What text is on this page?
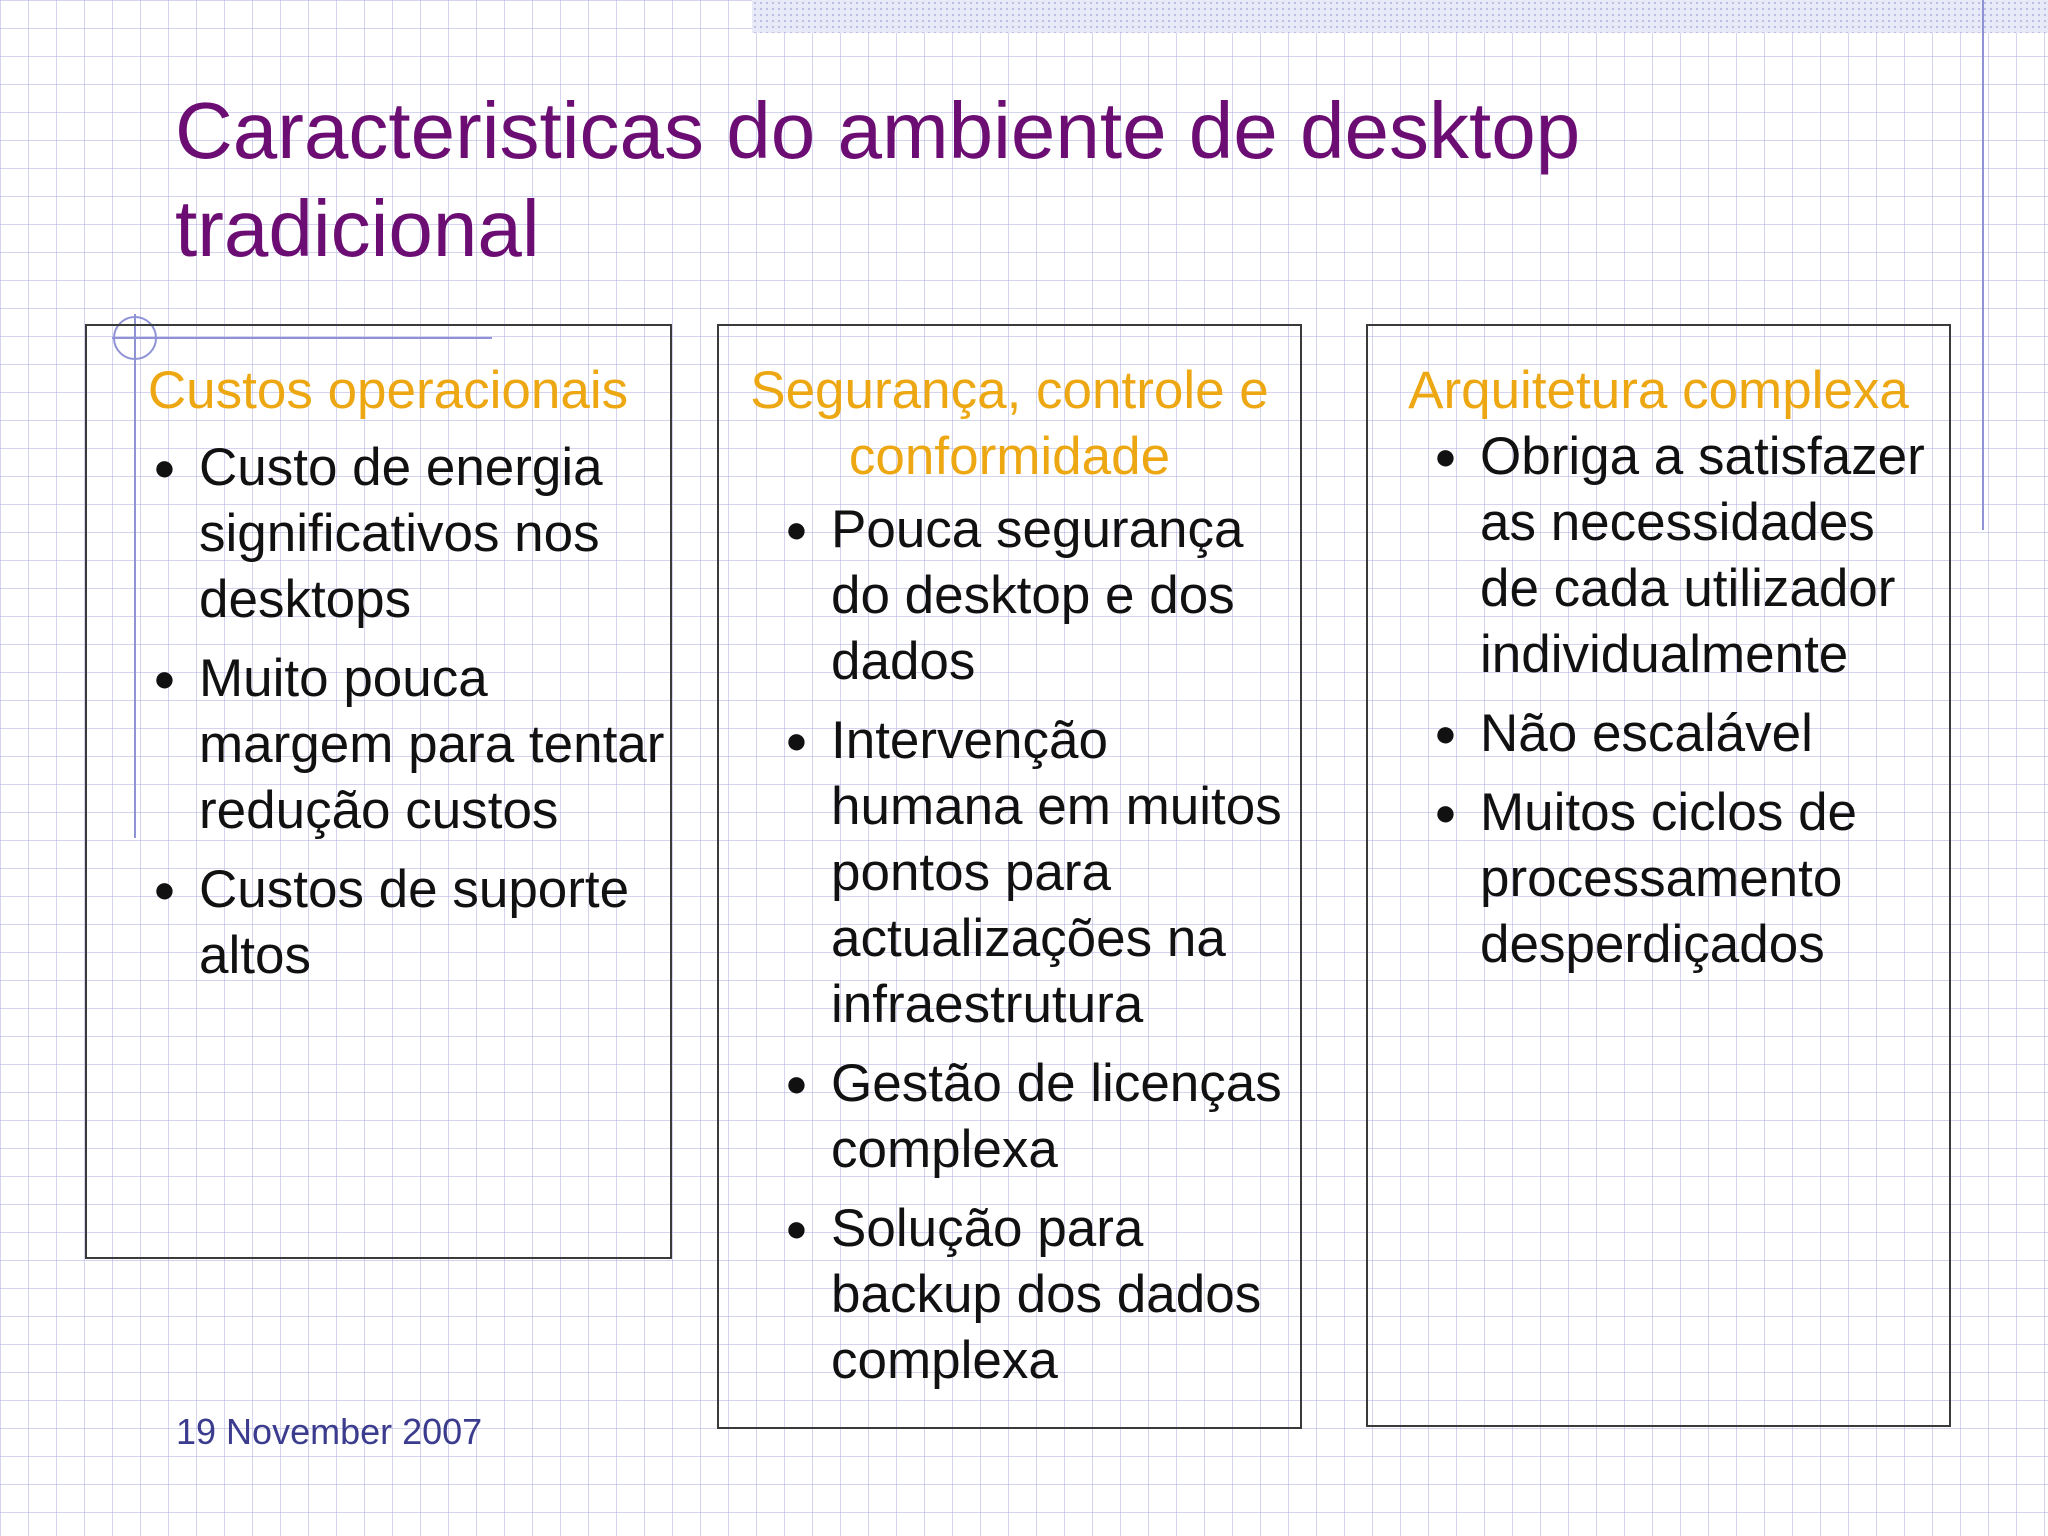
Caracteristicas do ambiente de desktop tradicional
Custos operacionais
● Custo de energia significativos nos desktops
● Muito pouca margem para tentar redução custos
● Custos de suporte altos
Segurança, controle e conformidade
● Pouca segurança do desktop e dos dados
● Intervenção humana em muitos pontos para actualizações na infraestrutura
● Gestão de licenças complexa
● Solução para backup dos dados complexa
Arquitetura complexa
● Obriga a satisfazer as necessidades de cada utilizador individualmente
● Não escalável
● Muitos ciclos de processamento desperdiçados
19 November 2007
